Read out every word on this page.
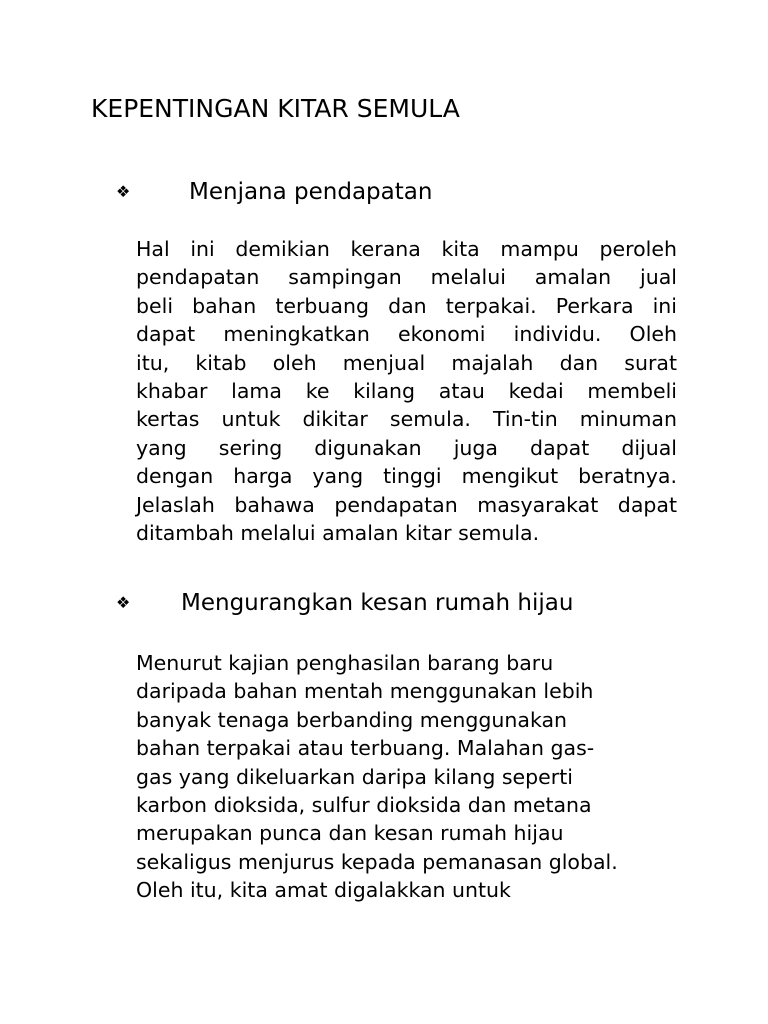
KEPENTINGAN KITAR SEMULA
❖	Menjana pendapatan
Hal ini demikian kerana kita mampu peroleh
pendapatan sampingan melalui amalan jual
beli bahan terbuang dan terpakai. Perkara ini
dapat meningkatkan ekonomi individu. Oleh
itu, kitab oleh menjual majalah dan surat
khabar lama ke kilang atau kedai membeli
kertas untuk dikitar semula. Tin-tin minuman
yang sering digunakan juga dapat dijual
dengan harga yang tinggi mengikut beratnya.
Jelaslah bahawa pendapatan masyarakat dapat
ditambah melalui amalan kitar semula.
❖ Mengurangkan kesan rumah hijau
Menurut kajian penghasilan barang baru
daripada bahan mentah menggunakan lebih
banyak tenaga berbanding menggunakan
bahan terpakai atau terbuang. Malahan gas-
gas yang dikeluarkan daripa kilang seperti
karbon dioksida, sulfur dioksida dan metana
merupakan punca dan kesan rumah hijau
sekaligus menjurus kepada pemanasan global.
Oleh itu, kita amat digalakkan untuk
